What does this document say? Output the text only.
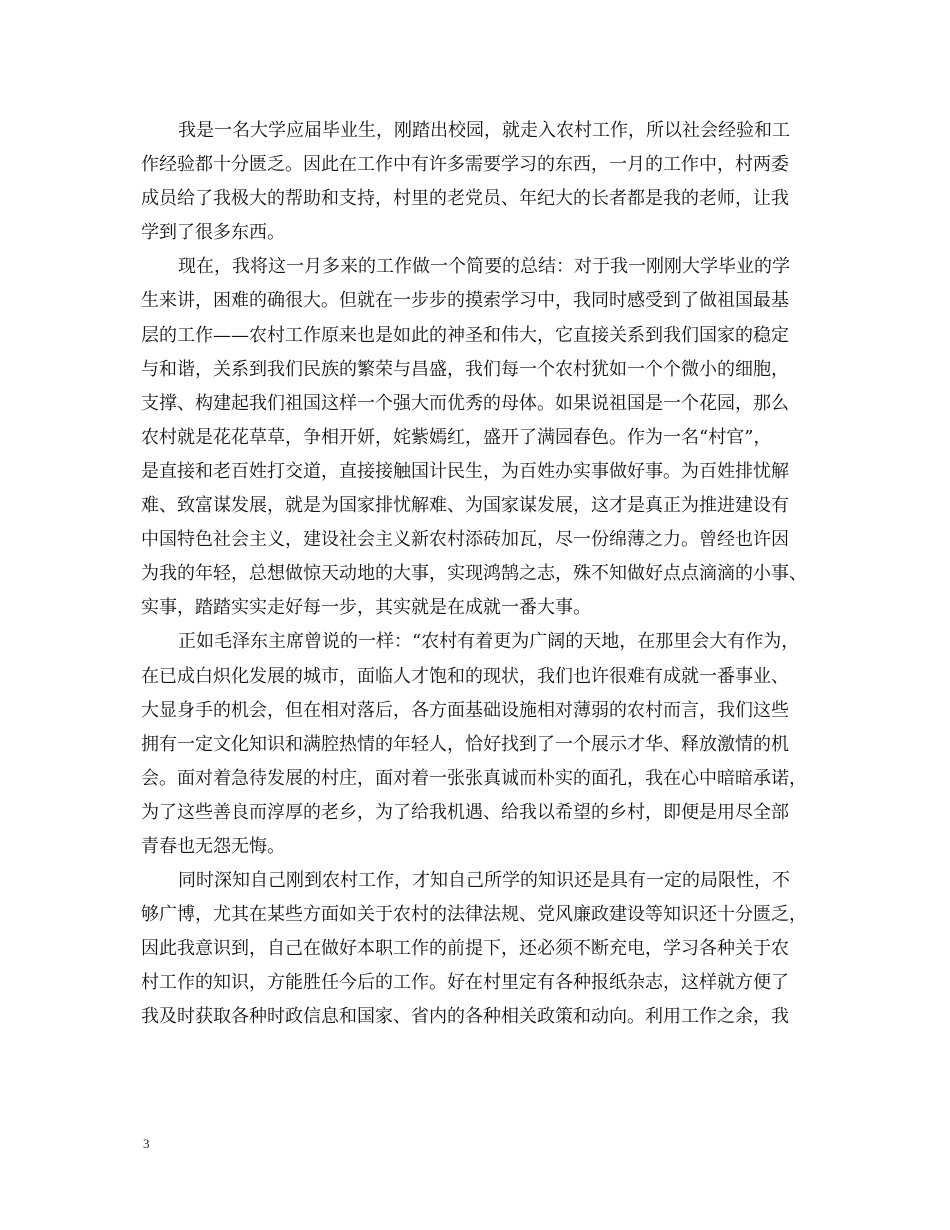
我是一名大学应届毕业生，刚踏出校园，就走入农村工作，所以社会经验和工
作经验都十分匮乏。因此在工作中有许多需要学习的东西，一月的工作中，村两委
成员给了我极大的帮助和支持，村里的老党员、年纪大的长者都是我的老师，让我
学到了很多东西。
现在，我将这一月多来的工作做一个简要的总结：对于我一刚刚大学毕业的学
生来讲，困难的确很大。但就在一步步的摸索学习中，我同时感受到了做祖国最基
层的工作——农村工作原来也是如此的神圣和伟大，它直接关系到我们国家的稳定
与和谐，关系到我们民族的繁荣与昌盛，我们每一个农村犹如一个个微小的细胞，
支撑、构建起我们祖国这样一个强大而优秀的母体。如果说祖国是一个花园，那么
农村就是花花草草，争相开妍，姹紫嫣红，盛开了满园春色。作为一名“村官”，
是直接和老百姓打交道，直接接触国计民生，为百姓办实事做好事。为百姓排忧解
难、致富谋发展，就是为国家排忧解难、为国家谋发展，这才是真正为推进建设有
中国特色社会主义，建设社会主义新农村添砖加瓦，尽一份绵薄之力。曾经也许因
为我的年轻，总想做惊天动地的大事，实现鸿鹄之志，殊不知做好点点滴滴的小事、
实事，踏踏实实走好每一步，其实就是在成就一番大事。
正如毛泽东主席曾说的一样：“农村有着更为广阔的天地，在那里会大有作为，
在已成白炽化发展的城市，面临人才饱和的现状，我们也许很难有成就一番事业、
大显身手的机会，但在相对落后，各方面基础设施相对薄弱的农村而言，我们这些
拥有一定文化知识和满腔热情的年轻人，恰好找到了一个展示才华、释放激情的机
会。面对着急待发展的村庄，面对着一张张真诚而朴实的面孔，我在心中暗暗承诺，
为了这些善良而淳厚的老乡，为了给我机遇、给我以希望的乡村，即便是用尽全部
青春也无怨无悔。
同时深知自己刚到农村工作，才知自己所学的知识还是具有一定的局限性，不
够广博，尤其在某些方面如关于农村的法律法规、党风廉政建设等知识还十分匮乏，
因此我意识到，自己在做好本职工作的前提下，还必须不断充电，学习各种关于农
村工作的知识，方能胜任今后的工作。好在村里定有各种报纸杂志，这样就方便了
我及时获取各种时政信息和国家、省内的各种相关政策和动向。利用工作之余，我
3
